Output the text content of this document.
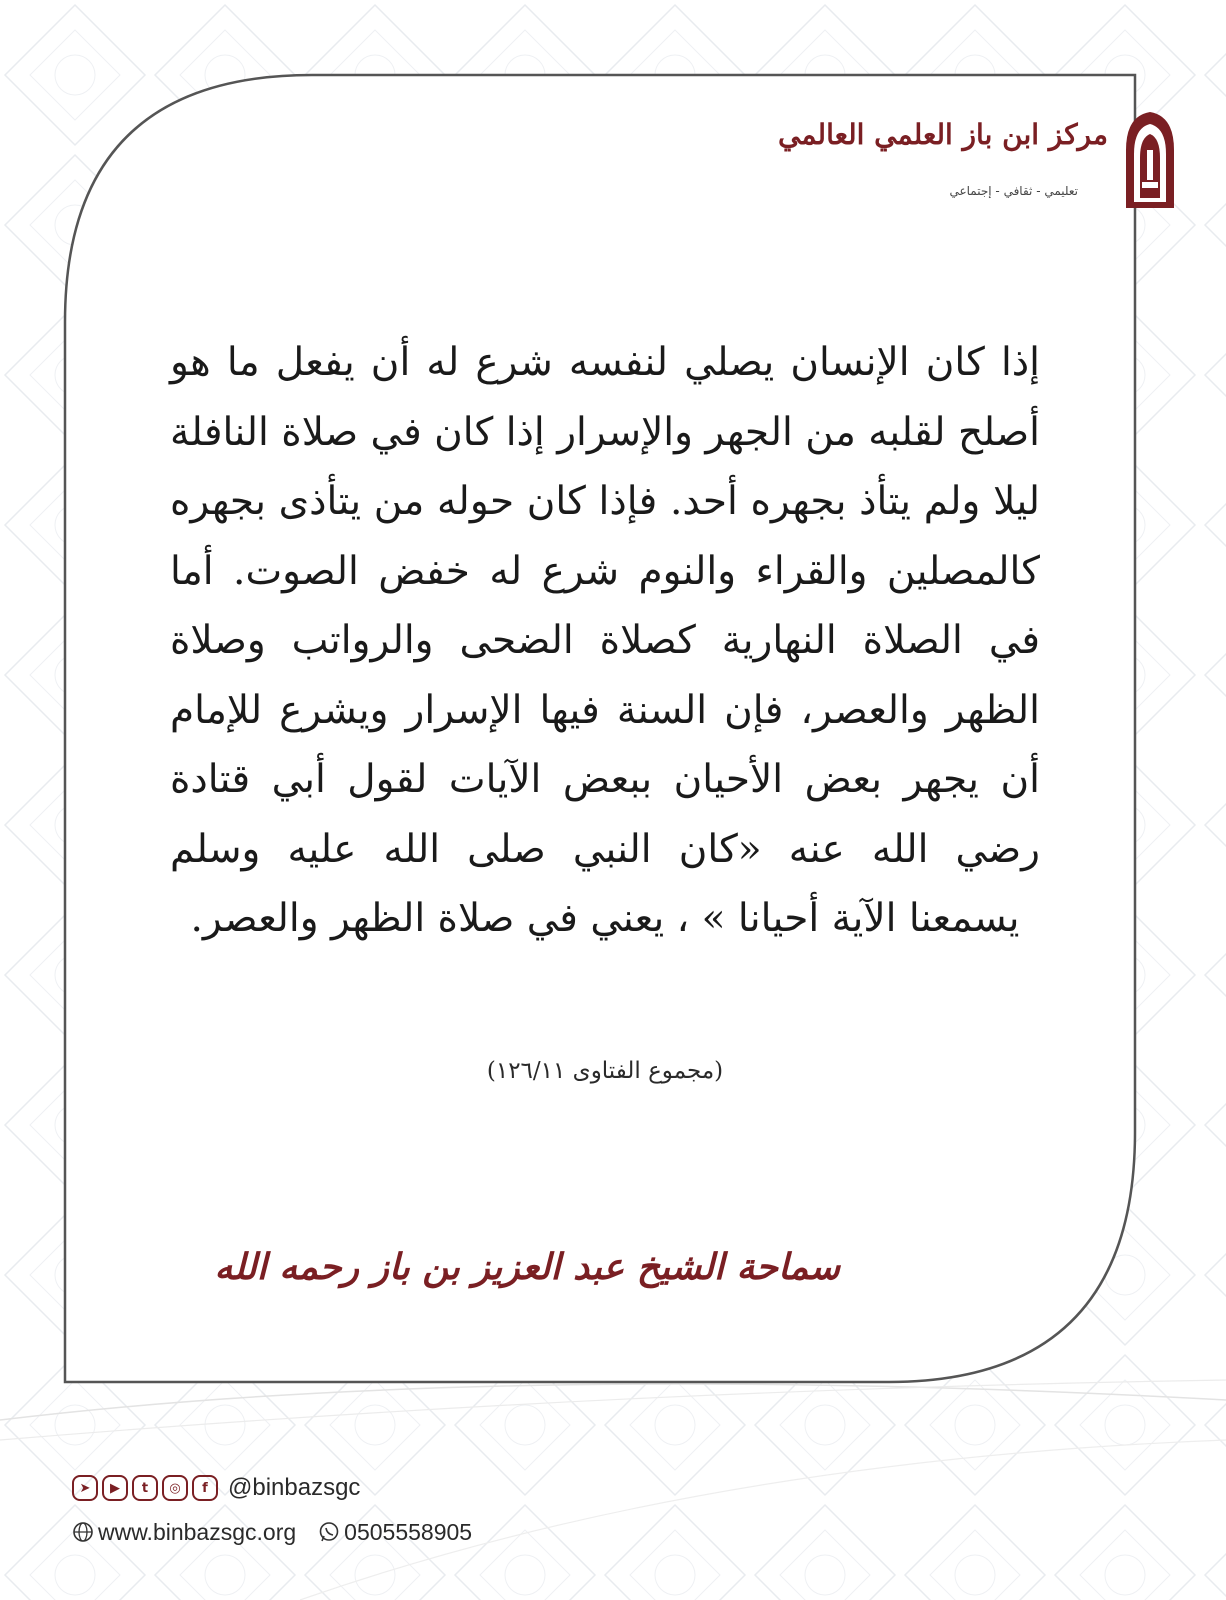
مركز ابن باز العلمي العالمي
تعليمي - ثقافي - إجتماعي
إذا كان الإنسان يصلي لنفسه شرع له أن يفعل ما هو أصلح لقلبه من الجهر والإسرار إذا كان في صلاة النافلة ليلا ولم يتأذ بجهره أحد. فإذا كان حوله من يتأذى بجهره كالمصلين والقراء والنوم شرع له خفض الصوت. أما في الصلاة النهارية كصلاة الضحى والرواتب وصلاة الظهر والعصر، فإن السنة فيها الإسرار ويشرع للإمام أن يجهر بعض الأحيان ببعض الآيات لقول أبي قتادة رضي الله عنه «كان النبي صلى الله عليه وسلم يسمعنا الآية أحيانا » ، يعني في صلاة الظهر والعصر.
(مجموع الفتاوى ١٢٦/١١)
سماحة الشيخ عبد العزيز بن باز رحمه الله
➤	▶	t	◎	f @binbazsgc
www.binbazsgc.org 0505558905
